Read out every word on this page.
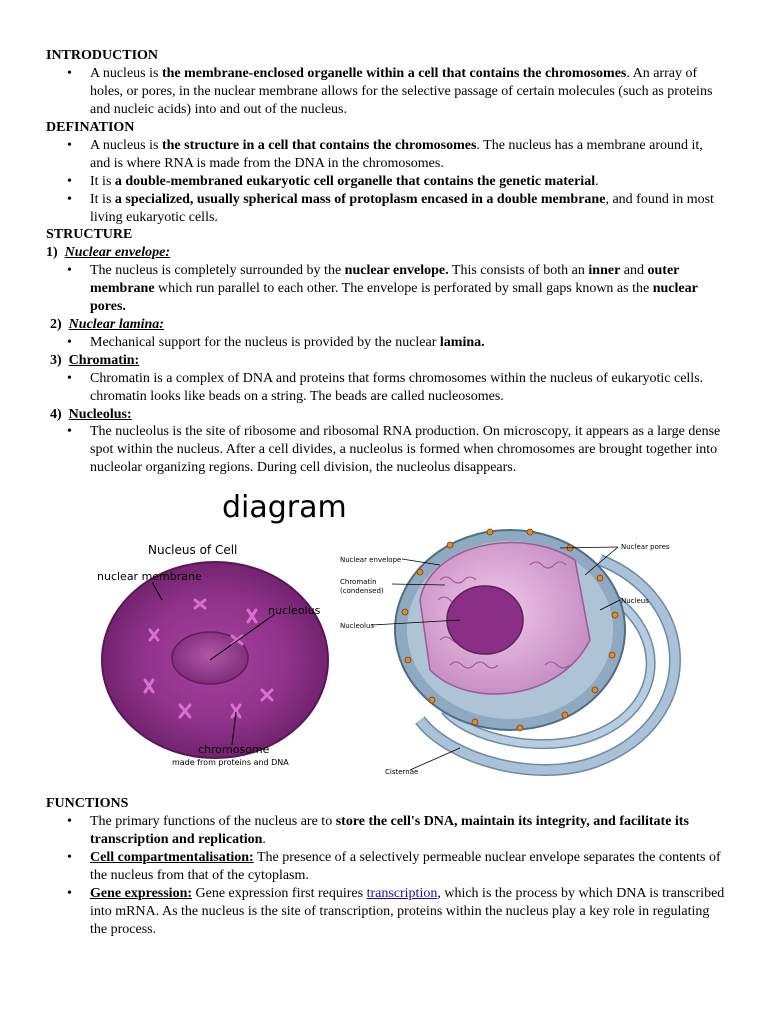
INTRODUCTION
• A nucleus is the membrane-enclosed organelle within a cell that contains the chromosomes. An array of holes, or pores, in the nuclear membrane allows for the selective passage of certain molecules (such as proteins and nucleic acids) into and out of the nucleus.
DEFINATION
• A nucleus is the structure in a cell that contains the chromosomes. The nucleus has a membrane around it, and is where RNA is made from the DNA in the chromosomes.
• It is a double-membraned eukaryotic cell organelle that contains the genetic material.
• It is a specialized, usually spherical mass of protoplasm encased in a double membrane, and found in most living eukaryotic cells.
STRUCTURE
1) Nuclear envelope:
• The nucleus is completely surrounded by the nuclear envelope. This consists of both an inner and outer membrane which run parallel to each other. The envelope is perforated by small gaps known as the nuclear pores.
2) Nuclear lamina:
• Mechanical support for the nucleus is provided by the nuclear lamina.
3) Chromatin:
• Chromatin is a complex of DNA and proteins that forms chromosomes within the nucleus of eukaryotic cells. chromatin looks like beads on a string. The beads are called nucleosomes.
4) Nucleolus:
• The nucleolus is the site of ribosome and ribosomal RNA production. On microscopy, it appears as a large dense spot within the nucleus. After a cell divides, a nucleolus is formed when chromosomes are brought together into nucleolar organizing regions. During cell division, the nucleolus disappears.
diagram
Nucleus of Cell
nuclear membrane
nucleolus
chromosome
made from proteins and DNA
Nuclear envelope
Chromatin
(condensed)
Nucleolus
Nuclear pores
Nucleus
Cisternae
FUNCTIONS
• The primary functions of the nucleus are to store the cell's DNA, maintain its integrity, and facilitate its transcription and replication.
• Cell compartmentalisation: The presence of a selectively permeable nuclear envelope separates the contents of the nucleus from that of the cytoplasm.
• Gene expression: Gene expression first requires transcription, which is the process by which DNA is transcribed into mRNA. As the nucleus is the site of transcription, proteins within the nucleus play a key role in regulating the process.
